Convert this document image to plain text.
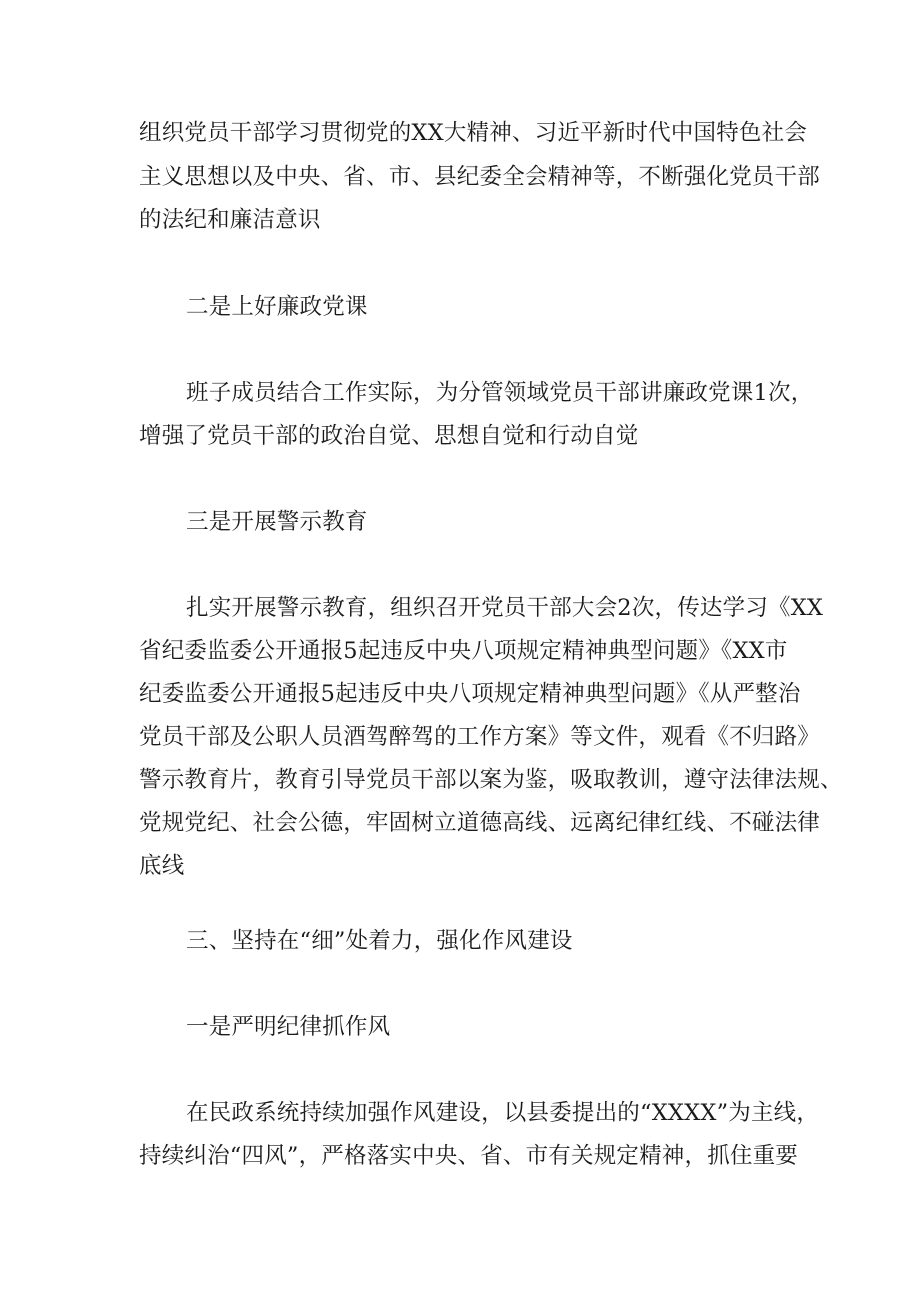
组织党员干部学习贯彻党的XX大精神、习近平新时代中国特色社会
主义思想以及中央、省、市、县纪委全会精神等，不断强化党员干部
的法纪和廉洁意识
二是上好廉政党课
班子成员结合工作实际，为分管领域党员干部讲廉政党课1次，
增强了党员干部的政治自觉、思想自觉和行动自觉
三是开展警示教育
扎实开展警示教育，组织召开党员干部大会2次，传达学习《XX
省纪委监委公开通报5起违反中央八项规定精神典型问题》《XX市
纪委监委公开通报5起违反中央八项规定精神典型问题》《从严整治
党员干部及公职人员酒驾醉驾的工作方案》等文件，观看《不归路》
警示教育片，教育引导党员干部以案为鉴，吸取教训，遵守法律法规、
党规党纪、社会公德，牢固树立道德高线、远离纪律红线、不碰法律
底线
三、坚持在“细”处着力，强化作风建设
一是严明纪律抓作风
在民政系统持续加强作风建设，以县委提出的“XXXX”为主线，
持续纠治“四风”，严格落实中央、省、市有关规定精神，抓住重要
